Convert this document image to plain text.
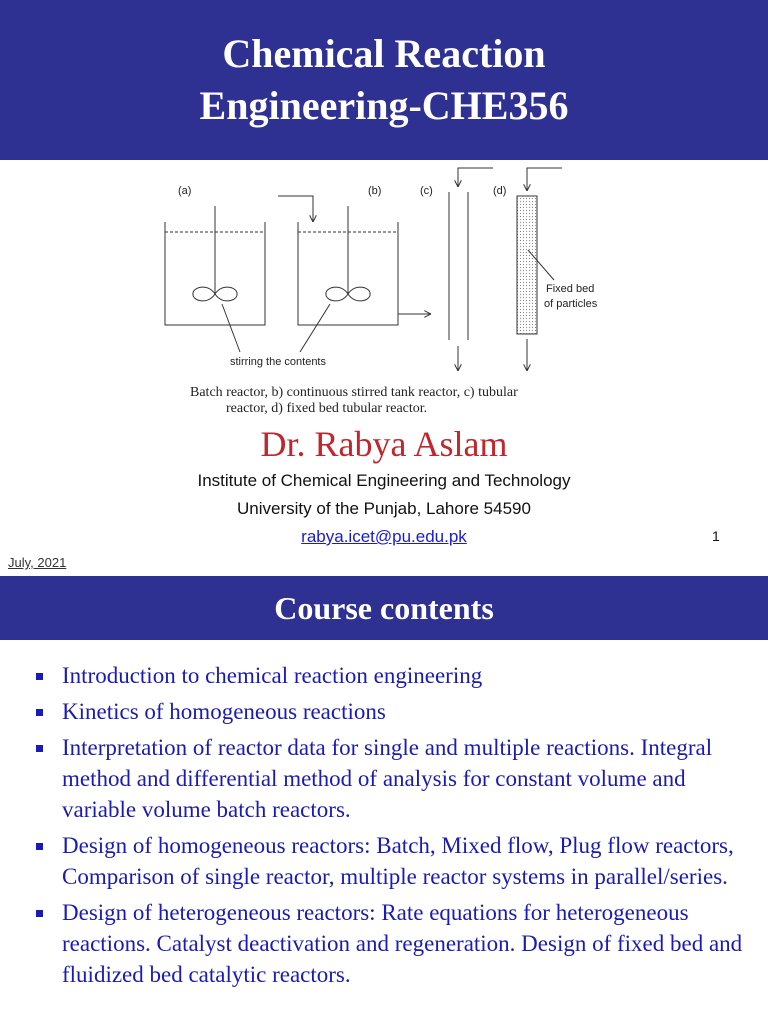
Chemical Reaction
Engineering-CHE356
(a)	(b)	(c)	(d)
Fixed bed
of particles
stirring the contents
Batch reactor, b) continuous stirred tank reactor, c) tubular
reactor, d) fixed bed tubular reactor.
Dr. Rabya Aslam
Institute of Chemical Engineering and Technology
University of the Punjab, Lahore 54590
rabya.icet@pu.edu.pk	1
July, 2021
Course contents
Introduction to chemical reaction engineering
Kinetics of homogeneous reactions
Interpretation of reactor data for single and multiple reactions. Integral method and differential method of analysis for constant volume and variable volume batch reactors.
Design of homogeneous reactors: Batch, Mixed flow, Plug flow reactors, Comparison of single reactor, multiple reactor systems in parallel/series.
Design of heterogeneous reactors: Rate equations for heterogeneous reactions. Catalyst deactivation and regeneration. Design of fixed bed and fluidized bed catalytic reactors.
